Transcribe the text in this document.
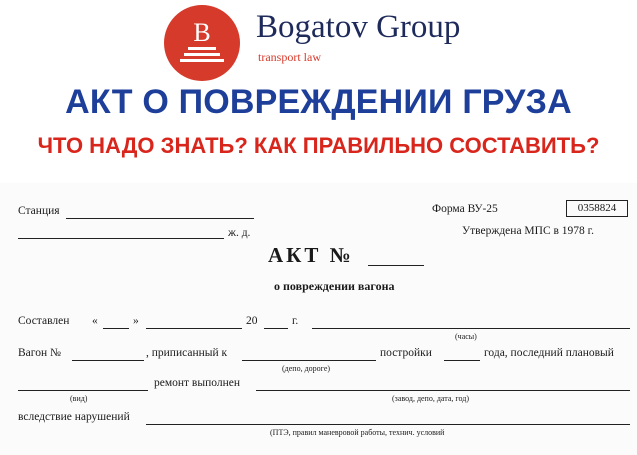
B Bogatov Group
transport law
АКТ О ПОВРЕЖДЕНИИ ГРУЗА
ЧТО НАДО ЗНАТЬ? КАК ПРАВИЛЬНО СОСТАВИТЬ?
Станция	Форма ВУ-25	0358824
ж. д.	Утверждена МПС в 1978 г.
АКТ №
о повреждении вагона
Составлен «	»	20	г.
(часы)
Вагон №	, приписанный к
(депо, дороге)
постройки	года, последний плановый
(вид)
ремонт выполнен
(завод, депо, дата, год)
вследствие нарушений
(ПТЭ, правил маневровой работы, технич. условий
